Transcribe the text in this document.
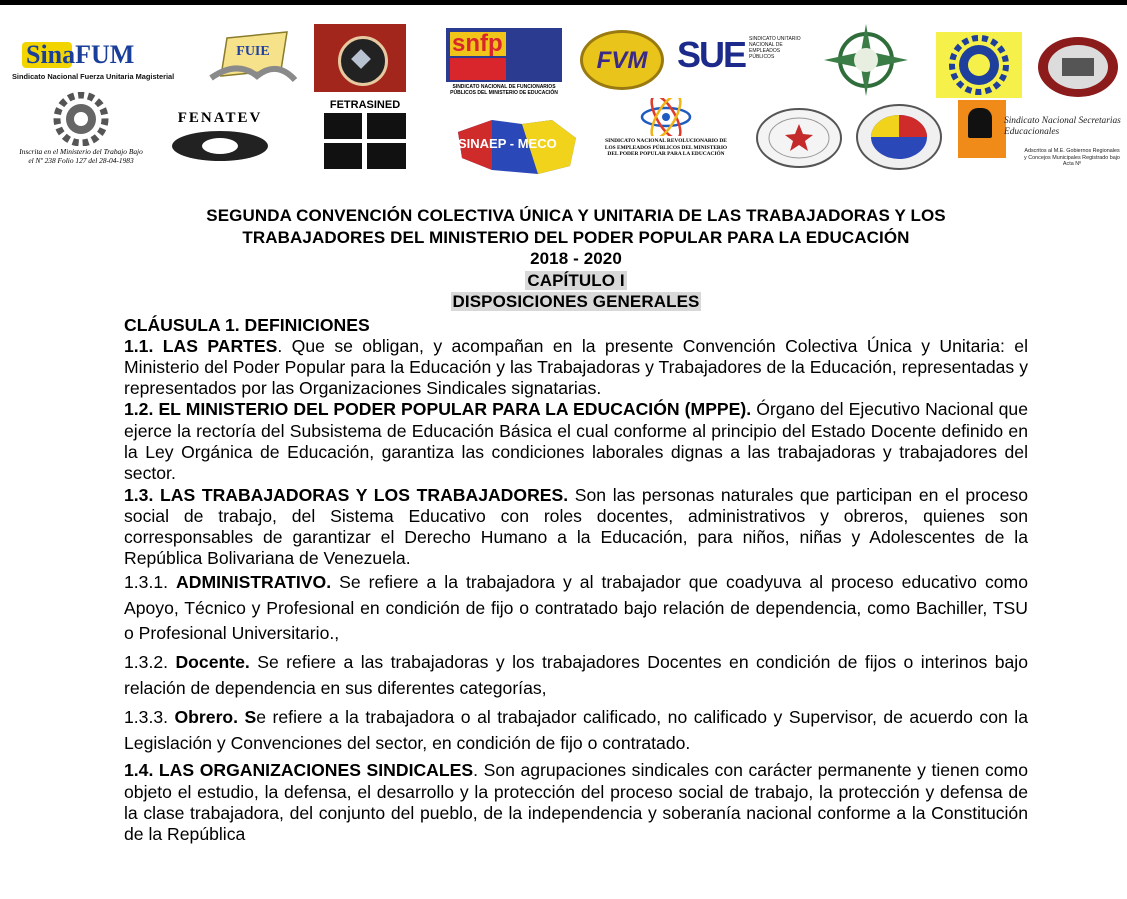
SinaFUM
Sindicato Nacional Fuerza Unitaria Magisterial
FUIE	snfp
SINDICATO NACIONAL DE FUNCIONARIOS PÚBLICOS DEL MINISTERIO DE EDUCACIÓN
FVM SUE SINDICATO UNITARIO NACIONAL DE EMPLEADOS PÚBLICOS
Inscrita en el Ministerio del Trabajo Bajo el Nº 238 Folio 127 del 28-04-1983
FENATEV
FETRASINED
SINAEP - MECO	SINDICATO NACIONAL REVOLUCIONARIO DE LOS EMPLEADOS PÚBLICOS DEL MINISTERIO DEL PODER POPULAR PARA LA EDUCACIÓN
Sindicato Nacional Secretarias Educacionales
Adscritos al M.E. Gobiernos Regionales y Concejos Municipales Registrado bajo Acta Nº
SEGUNDA CONVENCIÓN COLECTIVA ÚNICA Y UNITARIA DE LAS TRABAJADORAS Y LOS
TRABAJADORES DEL MINISTERIO DEL PODER POPULAR PARA LA EDUCACIÓN
2018 - 2020
CAPÍTULO I
DISPOSICIONES GENERALES
CLÁUSULA 1. DEFINICIONES

1.1. LAS PARTES. Que se obligan, y acompañan en la presente Convención Colectiva Única y Unitaria: el Ministerio del Poder Popular para la Educación y las Trabajadoras y Trabajadores de la Educación, representadas y representados por las Organizaciones Sindicales signatarias.

1.2. EL MINISTERIO DEL PODER POPULAR PARA LA EDUCACIÓN (MPPE). Órgano del Ejecutivo Nacional que ejerce la rectoría del Subsistema de Educación Básica el cual conforme al principio del Estado Docente definido en la Ley Orgánica de Educación, garantiza las condiciones laborales dignas a las trabajadoras y trabajadores del sector.

1.3. LAS TRABAJADORAS Y LOS TRABAJADORES. Son las personas naturales que participan en el proceso social de trabajo, del Sistema Educativo con roles docentes, administrativos y obreros, quienes son corresponsables de garantizar el Derecho Humano a la Educación, para niños, niñas y Adolescentes de la República Bolivariana de Venezuela.

1.3.1. ADMINISTRATIVO. Se refiere a la trabajadora y al trabajador que coadyuva al proceso educativo como Apoyo, Técnico y Profesional en condición de fijo o contratado bajo relación de dependencia, como Bachiller, TSU o Profesional Universitario.,

1.3.2. Docente. Se refiere a las trabajadoras y los trabajadores Docentes en condición de fijos o interinos bajo relación de dependencia en sus diferentes categorías,

1.3.3. Obrero. Se refiere a la trabajadora o al trabajador calificado, no calificado y Supervisor, de acuerdo con la Legislación y Convenciones del sector, en condición de fijo o contratado.

1.4. LAS ORGANIZACIONES SINDICALES. Son agrupaciones sindicales con carácter permanente y tienen como objeto el estudio, la defensa, el desarrollo y la protección del proceso social de trabajo, la protección y defensa de la clase trabajadora, del conjunto del pueblo, de la independencia y soberanía nacional conforme a la Constitución de la República
